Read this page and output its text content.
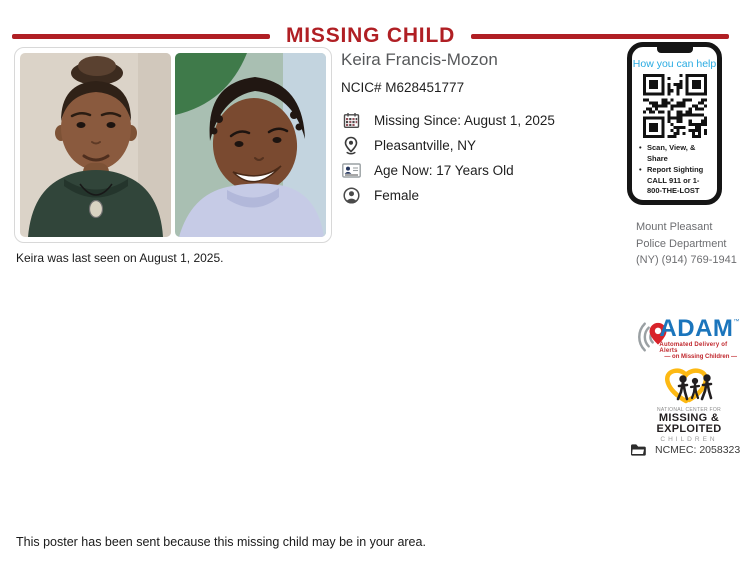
MISSING CHILD
Keira was last seen on August 1, 2025.
Keira Francis-Mozon
NCIC# M628451777
Missing Since: August 1, 2025
Pleasantville, NY
Age Now: 17 Years Old
Female
How you can help
• Scan, View, & Share
• Report Sighting CALL 911 or 1-800-THE-LOST
Mount Pleasant
Police Department
(NY) (914) 769-1941
ADAM ™
Automated Delivery of Alerts
— on Missing Children —
NATIONAL CENTER FOR
MISSING &
EXPLOITED
CHILDREN
NCMEC: 2058323
This poster has been sent because this missing child may be in your area.
